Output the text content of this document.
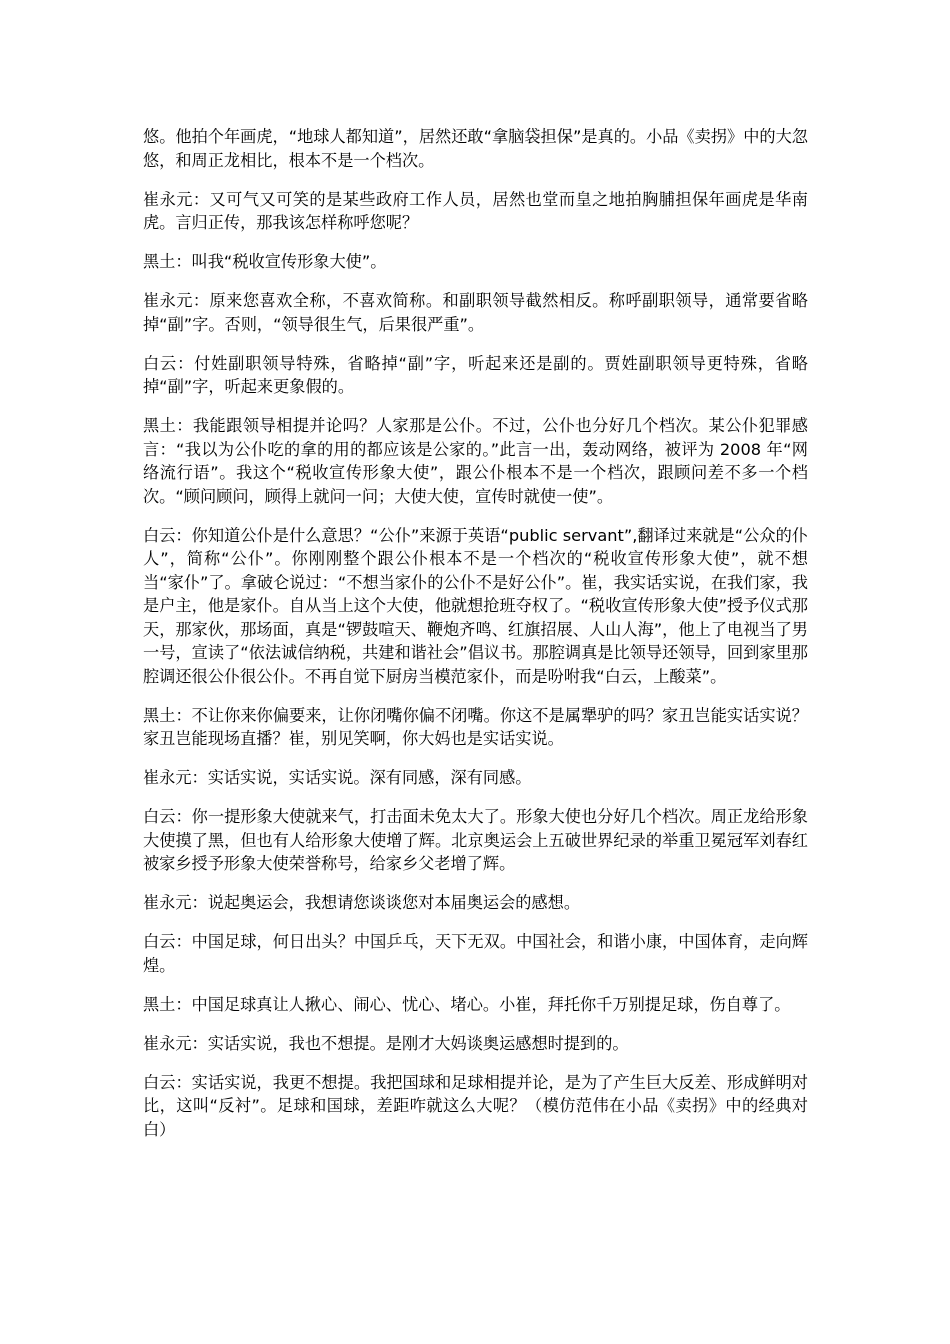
悠。他拍个年画虎，“地球人都知道”，居然还敢“拿脑袋担保”是真的。小品《卖拐》中的大忽悠，和周正龙相比，根本不是一个档次。

崔永元：又可气又可笑的是某些政府工作人员，居然也堂而皇之地拍胸脯担保年画虎是华南虎。言归正传，那我该怎样称呼您呢？

黑土：叫我“税收宣传形象大使”。

崔永元：原来您喜欢全称，不喜欢简称。和副职领导截然相反。称呼副职领导，通常要省略掉“副”字。否则，“领导很生气，后果很严重”。

白云：付姓副职领导特殊，省略掉“副”字，听起来还是副的。贾姓副职领导更特殊，省略掉“副”字，听起来更象假的。

黑土：我能跟领导相提并论吗？人家那是公仆。不过，公仆也分好几个档次。某公仆犯罪感言：“我以为公仆吃的拿的用的都应该是公家的。”此言一出，轰动网络，被评为 2008 年“网络流行语”。我这个“税收宣传形象大使”，跟公仆根本不是一个档次，跟顾问差不多一个档次。“顾问顾问，顾得上就问一问；大使大使，宣传时就使一使”。

白云：你知道公仆是什么意思？“公仆”来源于英语“public servant”,翻译过来就是“公众的仆人”，简称“公仆”。你刚刚整个跟公仆根本不是一个档次的“税收宣传形象大使”，就不想当“家仆”了。拿破仑说过：“不想当家仆的公仆不是好公仆”。崔，我实话实说，在我们家，我是户主，他是家仆。自从当上这个大使，他就想抢班夺权了。“税收宣传形象大使”授予仪式那天，那家伙，那场面，真是“锣鼓喧天、鞭炮齐鸣、红旗招展、人山人海”，他上了电视当了男一号，宣读了“依法诚信纳税，共建和谐社会”倡议书。那腔调真是比领导还领导，回到家里那腔调还很公仆很公仆。不再自觉下厨房当模范家仆，而是吩咐我“白云，上酸菜”。

黑土：不让你来你偏要来，让你闭嘴你偏不闭嘴。你这不是属犟驴的吗？家丑岂能实话实说？家丑岂能现场直播？崔，别见笑啊，你大妈也是实话实说。

崔永元：实话实说，实话实说。深有同感，深有同感。

白云：你一提形象大使就来气，打击面未免太大了。形象大使也分好几个档次。周正龙给形象大使摸了黑，但也有人给形象大使增了辉。北京奥运会上五破世界纪录的举重卫冕冠军刘春红被家乡授予形象大使荣誉称号，给家乡父老增了辉。

崔永元：说起奥运会，我想请您谈谈您对本届奥运会的感想。

白云：中国足球，何日出头？中国乒乓，天下无双。中国社会，和谐小康，中国体育，走向辉煌。

黑土：中国足球真让人揪心、闹心、忧心、堵心。小崔，拜托你千万别提足球，伤自尊了。

崔永元：实话实说，我也不想提。是刚才大妈谈奥运感想时提到的。

白云：实话实说，我更不想提。我把国球和足球相提并论，是为了产生巨大反差、形成鲜明对比，这叫“反衬”。足球和国球，差距咋就这么大呢？（模仿范伟在小品《卖拐》中的经典对白）
